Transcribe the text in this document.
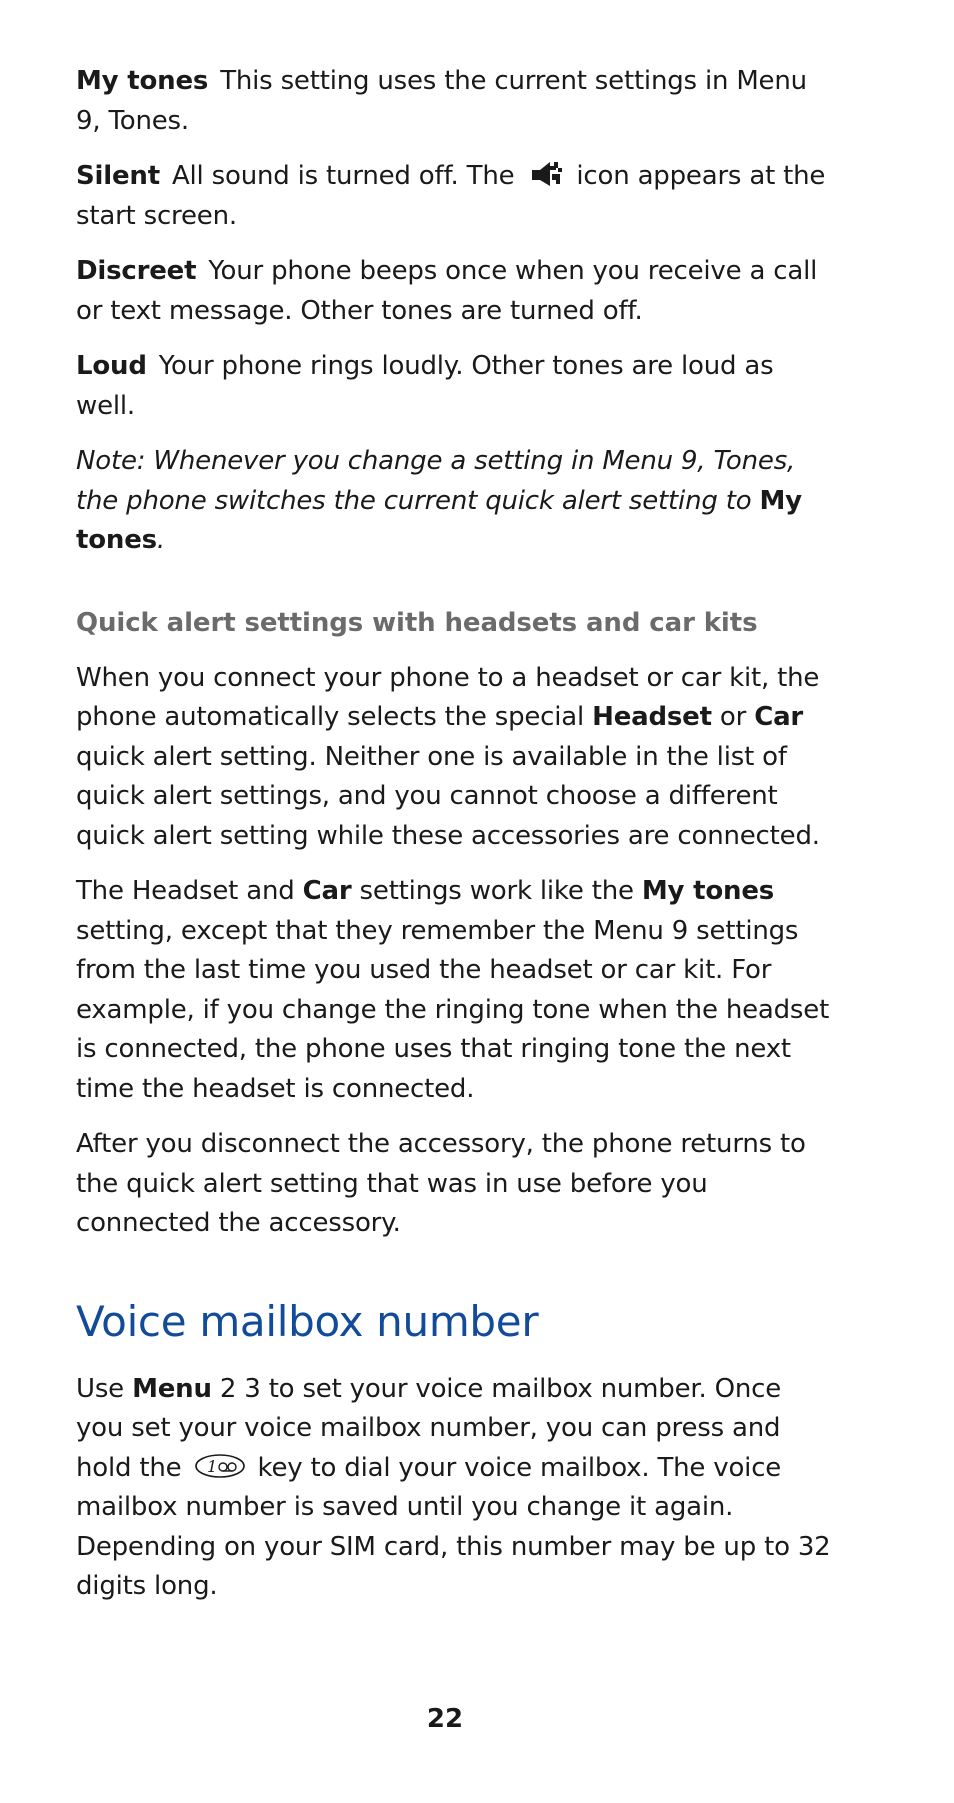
My tones This setting uses the current settings in Menu 9, Tones.

Silent All sound is turned off. The icon appears at the start screen.

Discreet Your phone beeps once when you receive a call or text message. Other tones are turned off.

Loud Your phone rings loudly. Other tones are loud as well.

Note: Whenever you change a setting in Menu 9, Tones, the phone switches the current quick alert setting to My tones.

Quick alert settings with headsets and car kits

When you connect your phone to a headset or car kit, the phone automatically selects the special Headset or Car quick alert setting. Neither one is available in the list of quick alert settings, and you cannot choose a different quick alert setting while these accessories are connected.

The Headset and Car settings work like the My tones setting, except that they remember the Menu 9 settings from the last time you used the headset or car kit. For example, if you change the ringing tone when the headset is connected, the phone uses that ringing tone the next time the headset is connected.

After you disconnect the accessory, the phone returns to the quick alert setting that was in use before you connected the accessory.

Voice mailbox number

Use Menu 2 3 to set your voice mailbox number. Once you set your voice mailbox number, you can press and hold the 1 key to dial your voice mailbox. The voice mailbox number is saved until you change it again. Depending on your SIM card, this number may be up to 32 digits long.

22
